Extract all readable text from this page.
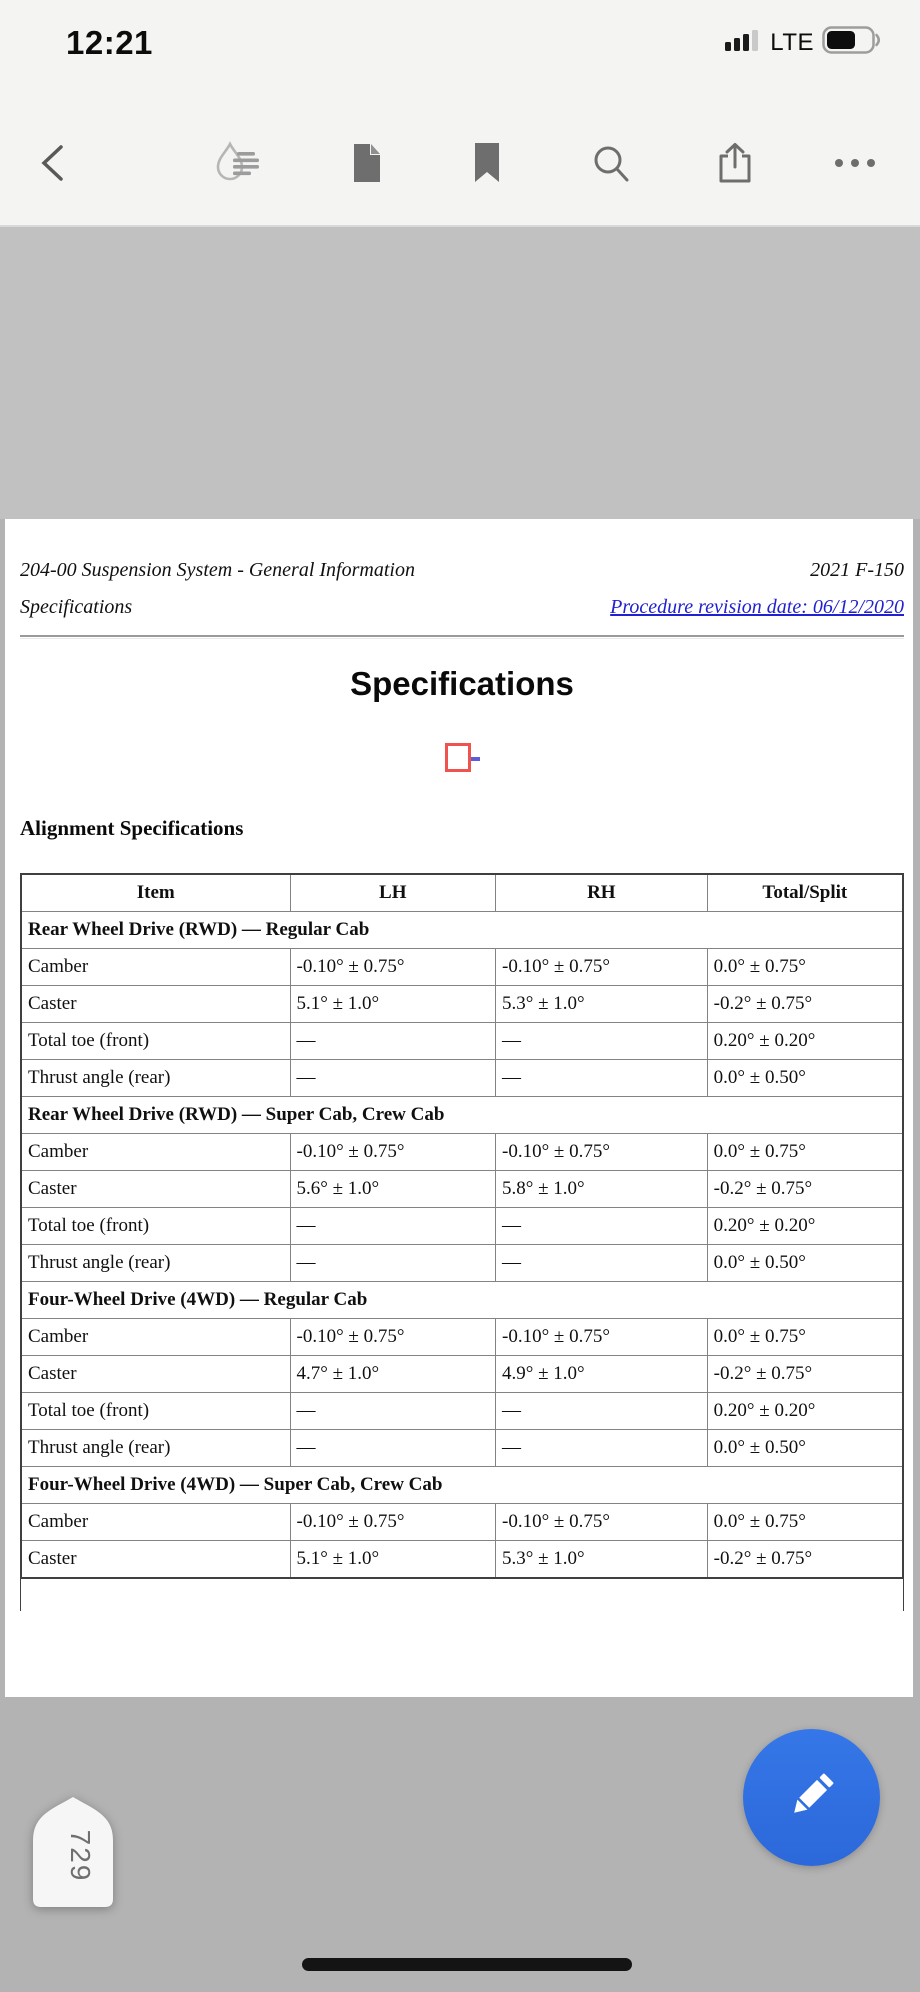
12:21	LTE
204-00 Suspension System - General Information	2021 F-150
Specifications	Procedure revision date: 06/12/2020
Specifications
Alignment Specifications
Item	LH	RH	Total/Split
Rear Wheel Drive (RWD) — Regular Cab			
Camber	-0.10° ± 0.75°	-0.10° ± 0.75°	0.0° ± 0.75°
Caster	5.1° ± 1.0°	5.3° ± 1.0°	-0.2° ± 0.75°
Total toe (front)	—	—	0.20° ± 0.20°
Thrust angle (rear)	—	—	0.0° ± 0.50°
Rear Wheel Drive (RWD) — Super Cab, Crew Cab			
Camber	-0.10° ± 0.75°	-0.10° ± 0.75°	0.0° ± 0.75°
Caster	5.6° ± 1.0°	5.8° ± 1.0°	-0.2° ± 0.75°
Total toe (front)	—	—	0.20° ± 0.20°
Thrust angle (rear)	—	—	0.0° ± 0.50°
Four-Wheel Drive (4WD) — Regular Cab			
Camber	-0.10° ± 0.75°	-0.10° ± 0.75°	0.0° ± 0.75°
Caster	4.7° ± 1.0°	4.9° ± 1.0°	-0.2° ± 0.75°
Total toe (front)	—	—	0.20° ± 0.20°
Thrust angle (rear)	—	—	0.0° ± 0.50°
Four-Wheel Drive (4WD) — Super Cab, Crew Cab			
Camber	-0.10° ± 0.75°	-0.10° ± 0.75°	0.0° ± 0.75°
Caster	5.1° ± 1.0°	5.3° ± 1.0°	-0.2° ± 0.75°
729
